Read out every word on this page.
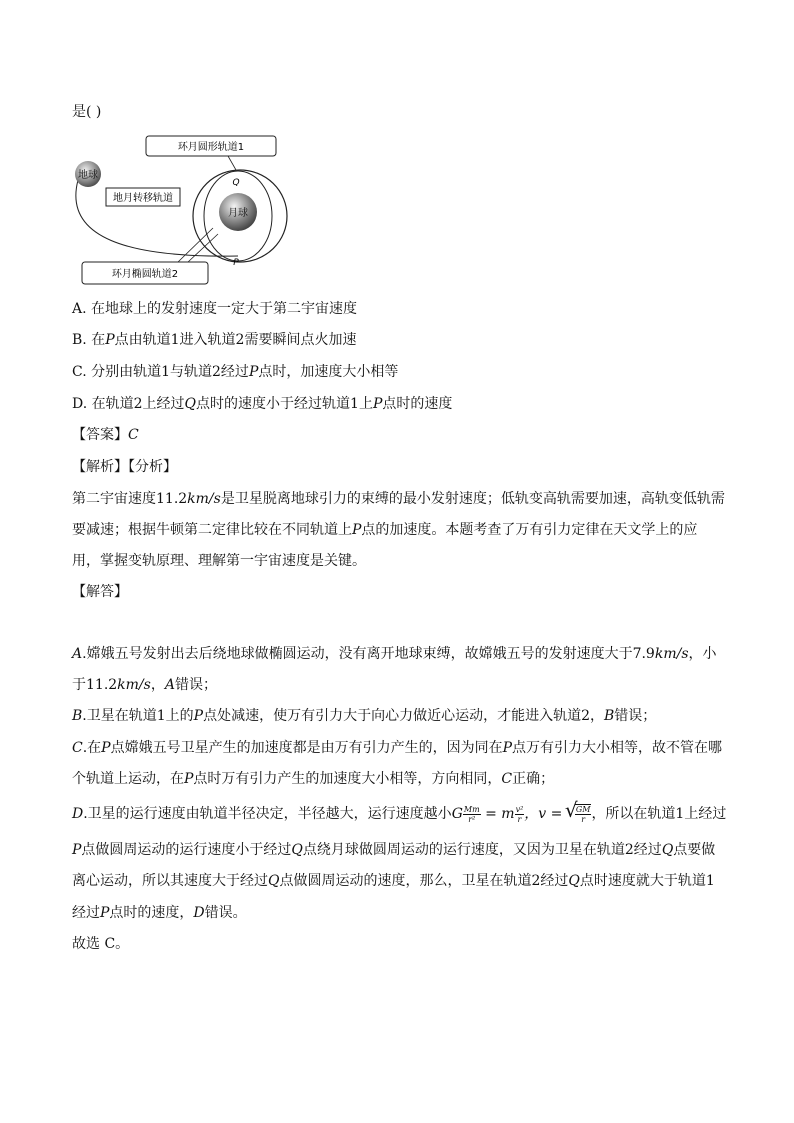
是( )
月球
地球
环月圆形轨道1
地月转移轨道
环月椭圆轨道2
Q
P
A. 在地球上的发射速度一定大于第二宇宙速度
B. 在P点由轨道1进入轨道2需要瞬间点火加速
C. 分别由轨道1与轨道2经过P点时，加速度大小相等
D. 在轨道2上经过Q点时的速度小于经过轨道1上P点时的速度
【答案】C
【解析】【分析】
第二宇宙速度11.2km/s是卫星脱离地球引力的束缚的最小发射速度；低轨变高轨需要加速，高轨变低轨需
要减速；根据牛顿第二定律比较在不同轨道上P点的加速度。本题考查了万有引力定律在天文学上的应
用，掌握变轨原理、理解第一宇宙速度是关键。
【解答】
A.嫦娥五号发射出去后绕地球做椭圆运动，没有离开地球束缚，故嫦娥五号的发射速度大于7.9km/s，小
于11.2km/s，A错误；
B.卫星在轨道1上的P点处减速，使万有引力大于向心力做近心运动，才能进入轨道2，B错误；
C.在P点嫦娥五号卫星产生的加速度都是由万有引力产生的，因为同在P点万有引力大小相等，故不管在哪
个轨道上运动，在P点时万有引力产生的加速度大小相等，方向相同，C正确；
D.卫星的运行速度由轨道半径决定，半径越大，运行速度越小G $\frac{Mm}{\text{r²}} = m \frac{\text{v²}}{r}$ ，v =
√ $\frac{GM}{r}$ ，所以在轨道1上经过
P点做圆周运动的运行速度小于经过Q点绕月球做圆周运动的运行速度，又因为卫星在轨道2经过Q点要做
离心运动，所以其速度大于经过Q点做圆周运动的速度，那么，卫星在轨道2经过Q点时速度就大于轨道1
经过P点时的速度，D错误。
故选 C。
